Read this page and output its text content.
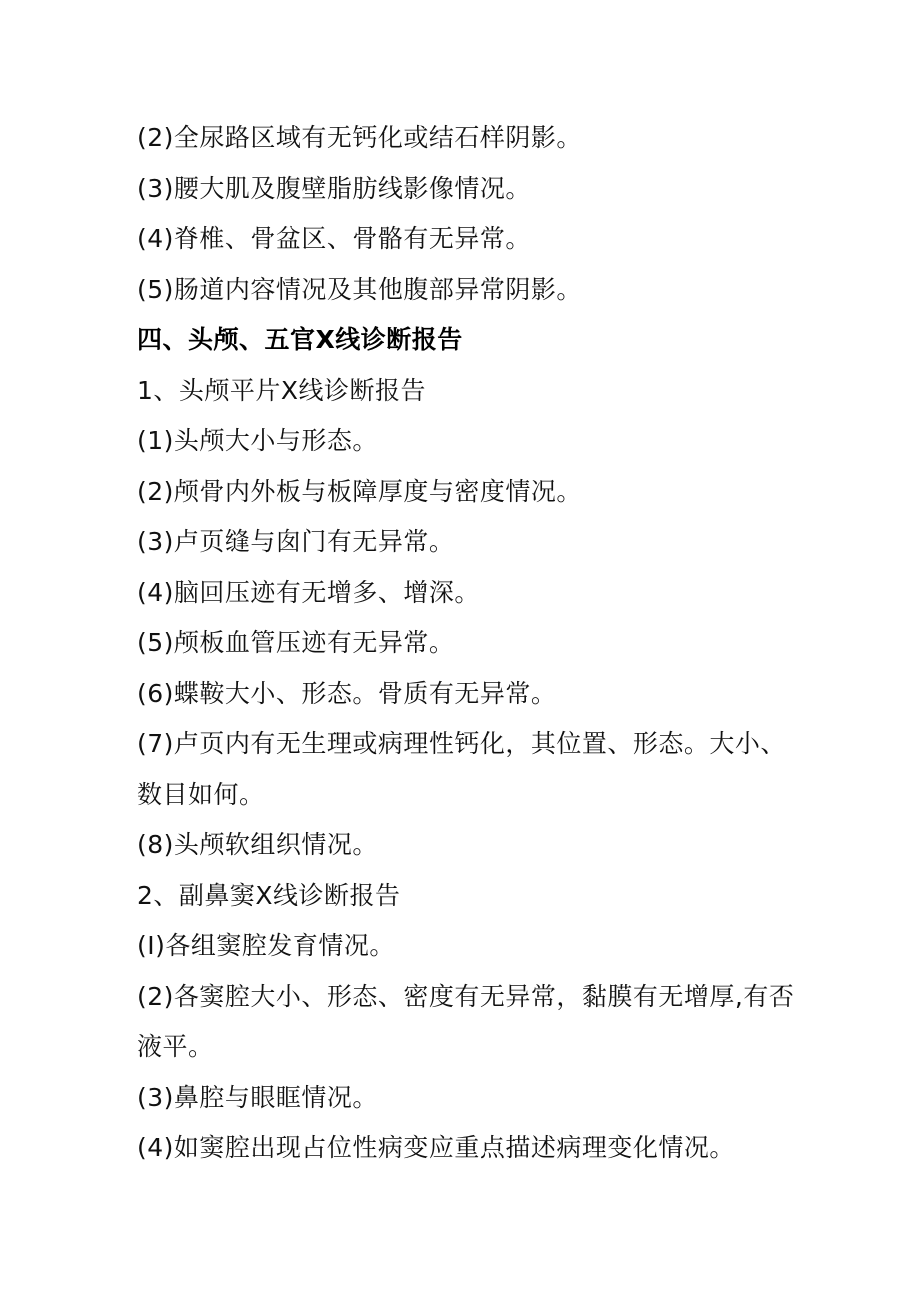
(2)全尿路区域有无钙化或结石样阴影。

(3)腰大肌及腹壁脂肪线影像情况。

(4)脊椎、骨盆区、骨骼有无异常。

(5)肠道内容情况及其他腹部异常阴影。

四、头颅、五官X线诊断报告

1、头颅平片X线诊断报告

(1)头颅大小与形态。

(2)颅骨内外板与板障厚度与密度情况。

(3)卢页缝与囱门有无异常。

(4)脑回压迹有无增多、增深。

(5)颅板血管压迹有无异常。

(6)蝶鞍大小、形态。骨质有无异常。

(7)卢页内有无生理或病理性钙化，其位置、形态。大小、

数目如何。

(8)头颅软组织情况。

2、副鼻窦X线诊断报告

(I)各组窦腔发育情况。

(2)各窦腔大小、形态、密度有无异常，黏膜有无增厚,有否

液平。

(3)鼻腔与眼眶情况。

(4)如窦腔出现占位性病变应重点描述病理变化情况。
